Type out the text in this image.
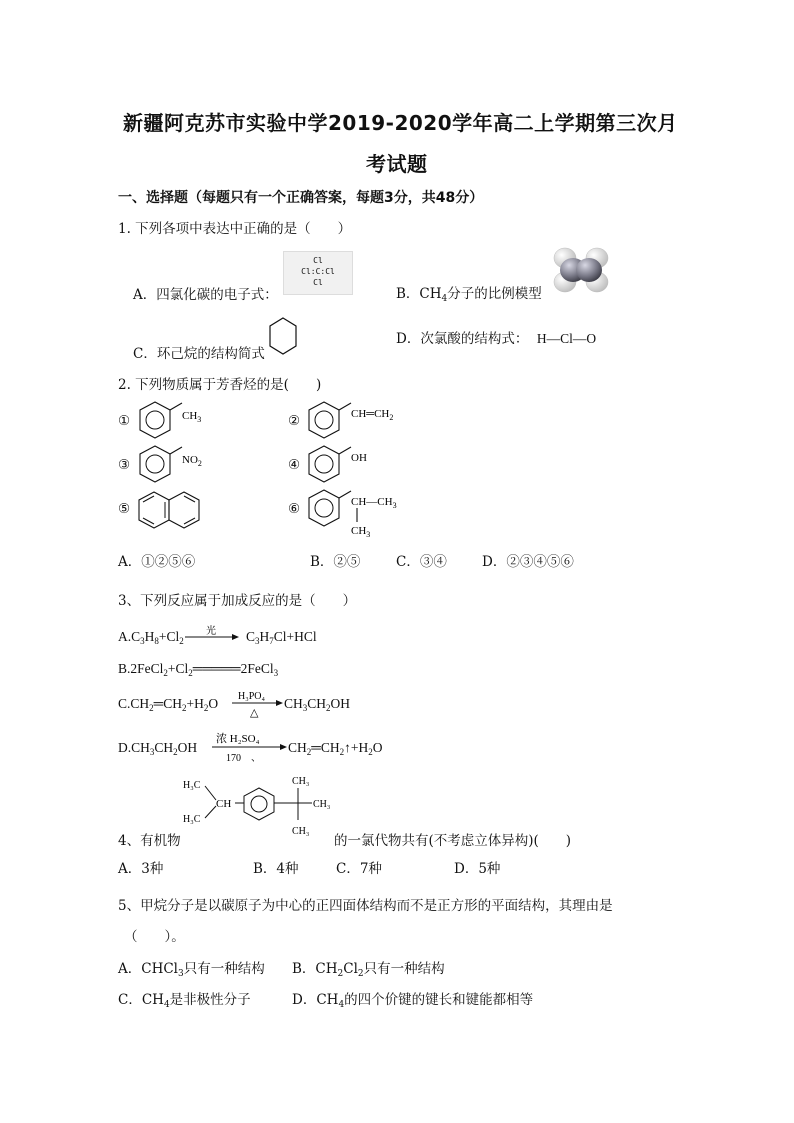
新疆阿克苏市实验中学2019-2020学年高二上学期第三次月
考试题
一、选择题（每题只有一个正确答案，每题3分，共48分）
1. 下列各项中表达中正确的是（　　）
A．四氯化碳的电子式：
Cl
Cl:C:Cl
Cl
B．$CH_4$分子的比例模型
C．环己烷的结构简式
D．次氯酸的结构式： H—Cl—O
2. 下列物质属于芳香烃的是(　　)
①	$CH_3$	②	$CH═CH_2$
③	$NO_2$	④	OH
⑤	⑥	$CH—CH_3$
$CH_3$
A．①②⑤⑥	B．②⑤	C．③④	D．②③④⑤⑥
3、下列反应属于加成反应的是（　　）
$A.C_3H_8+Cl_2$
光 $C_3H_7Cl+HCl$
$B.2FeCl_2+Cl_2═════2FeCl_3$
$C.CH_2═CH_2+H_2O$ H₃PO₄
△
$CH_3CH_2OH$
$D.CH_3CH_2OH$
浓 H₂SO₄
170　、
$CH_2═CH_2↑+H_2O$
H₃C
H₃C
CH
CH₃
CH₃
CH₃
4、有机物	的一氯代物共有(不考虑立体异构)(　　)
A．3种	B．4种	C．7种	D．5种
5、甲烷分子是以碳原子为中心的正四面体结构而不是正方形的平面结构，其理由是
（　　）。
A．CHCl$_3$只有一种结构 B．$CH_2Cl_2$只有一种结构
C．$CH_4$是非极性分子	D．$CH_4$的四个价键的键长和键能都相等
